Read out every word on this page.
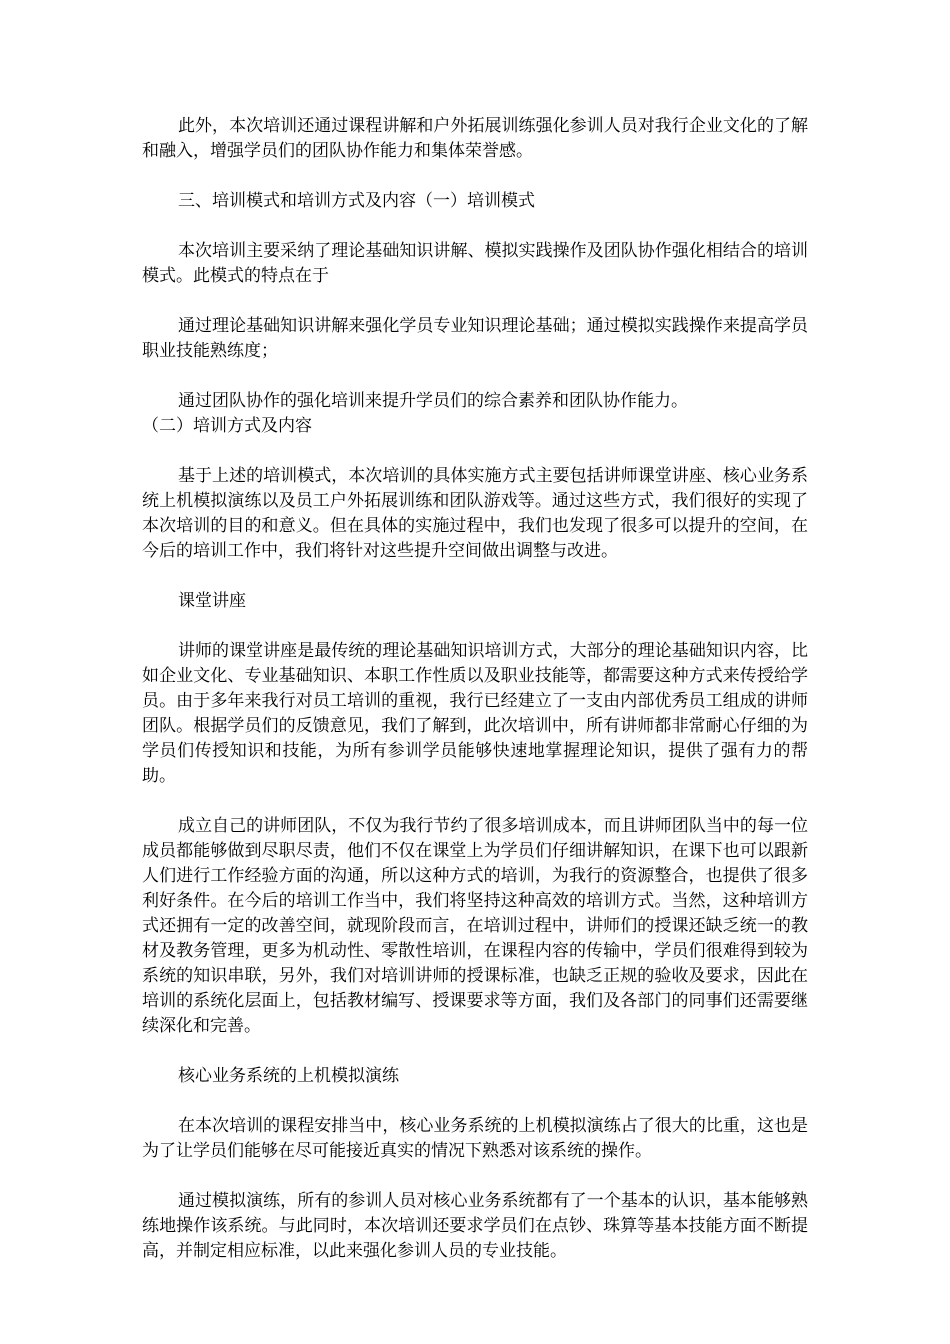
此外，本次培训还通过课程讲解和户外拓展训练强化参训人员对我行企业文化的了解和融入，增强学员们的团队协作能力和集体荣誉感。

三、培训模式和培训方式及内容（一）培训模式

本次培训主要采纳了理论基础知识讲解、模拟实践操作及团队协作强化相结合的培训模式。此模式的特点在于

通过理论基础知识讲解来强化学员专业知识理论基础；通过模拟实践操作来提高学员职业技能熟练度；

通过团队协作的强化培训来提升学员们的综合素养和团队协作能力。

（二）培训方式及内容

基于上述的培训模式，本次培训的具体实施方式主要包括讲师课堂讲座、核心业务系统上机模拟演练以及员工户外拓展训练和团队游戏等。通过这些方式，我们很好的实现了本次培训的目的和意义。但在具体的实施过程中，我们也发现了很多可以提升的空间，在今后的培训工作中，我们将针对这些提升空间做出调整与改进。

课堂讲座

讲师的课堂讲座是最传统的理论基础知识培训方式，大部分的理论基础知识内容，比如企业文化、专业基础知识、本职工作性质以及职业技能等，都需要这种方式来传授给学员。由于多年来我行对员工培训的重视，我行已经建立了一支由内部优秀员工组成的讲师团队。根据学员们的反馈意见，我们了解到，此次培训中，所有讲师都非常耐心仔细的为学员们传授知识和技能，为所有参训学员能够快速地掌握理论知识，提供了强有力的帮助。

成立自己的讲师团队，不仅为我行节约了很多培训成本，而且讲师团队当中的每一位成员都能够做到尽职尽责，他们不仅在课堂上为学员们仔细讲解知识，在课下也可以跟新人们进行工作经验方面的沟通，所以这种方式的培训，为我行的资源整合，也提供了很多利好条件。在今后的培训工作当中，我们将坚持这种高效的培训方式。当然，这种培训方式还拥有一定的改善空间，就现阶段而言，在培训过程中，讲师们的授课还缺乏统一的教材及教务管理，更多为机动性、零散性培训，在课程内容的传输中，学员们很难得到较为系统的知识串联，另外，我们对培训讲师的授课标准，也缺乏正规的验收及要求，因此在培训的系统化层面上，包括教材编写、授课要求等方面，我们及各部门的同事们还需要继续深化和完善。

核心业务系统的上机模拟演练

在本次培训的课程安排当中，核心业务系统的上机模拟演练占了很大的比重，这也是为了让学员们能够在尽可能接近真实的情况下熟悉对该系统的操作。

通过模拟演练，所有的参训人员对核心业务系统都有了一个基本的认识，基本能够熟练地操作该系统。与此同时，本次培训还要求学员们在点钞、珠算等基本技能方面不断提高，并制定相应标准，以此来强化参训人员的专业技能。
